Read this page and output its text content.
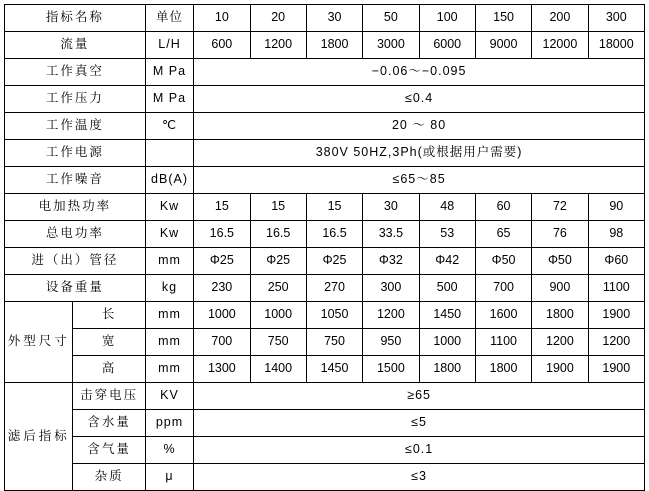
指标名称		单位	10	20	30	50	100	150	200	300
流量		L/H	600	1200	1800	3000	6000	9000	12000	18000
工作真空		M Pa	−0.06～−0.095							
工作压力		M Pa	≤0.4							
工作温度		℃	20 ～ 80							
工作电源			380V 50HZ,3Ph(或根据用户需要)							
工作噪音		dB(A)	≤65～85							
电加热功率		Kw	15	15	15	30	48	60	72	90
总电功率		Kw	16.5	16.5	16.5	33.5	53	65	76	98
进（出）管径		mm	Φ25	Φ25	Φ25	Φ32	Φ42	Φ50	Φ50	Φ60
设备重量		kg	230	250	270	300	500	700	900	1100
外型尺寸	长	mm	1000	1000	1050	1200	1450	1600	1800	1900
	宽	mm	700	750	750	950	1000	1100	1200	1200
	高	mm	1300	1400	1450	1500	1800	1800	1900	1900
滤后指标	击穿电压	KV	≥65							
	含水量	ppm	≤5							
	含气量	%	≤0.1							
	杂质	μ	≤3							
